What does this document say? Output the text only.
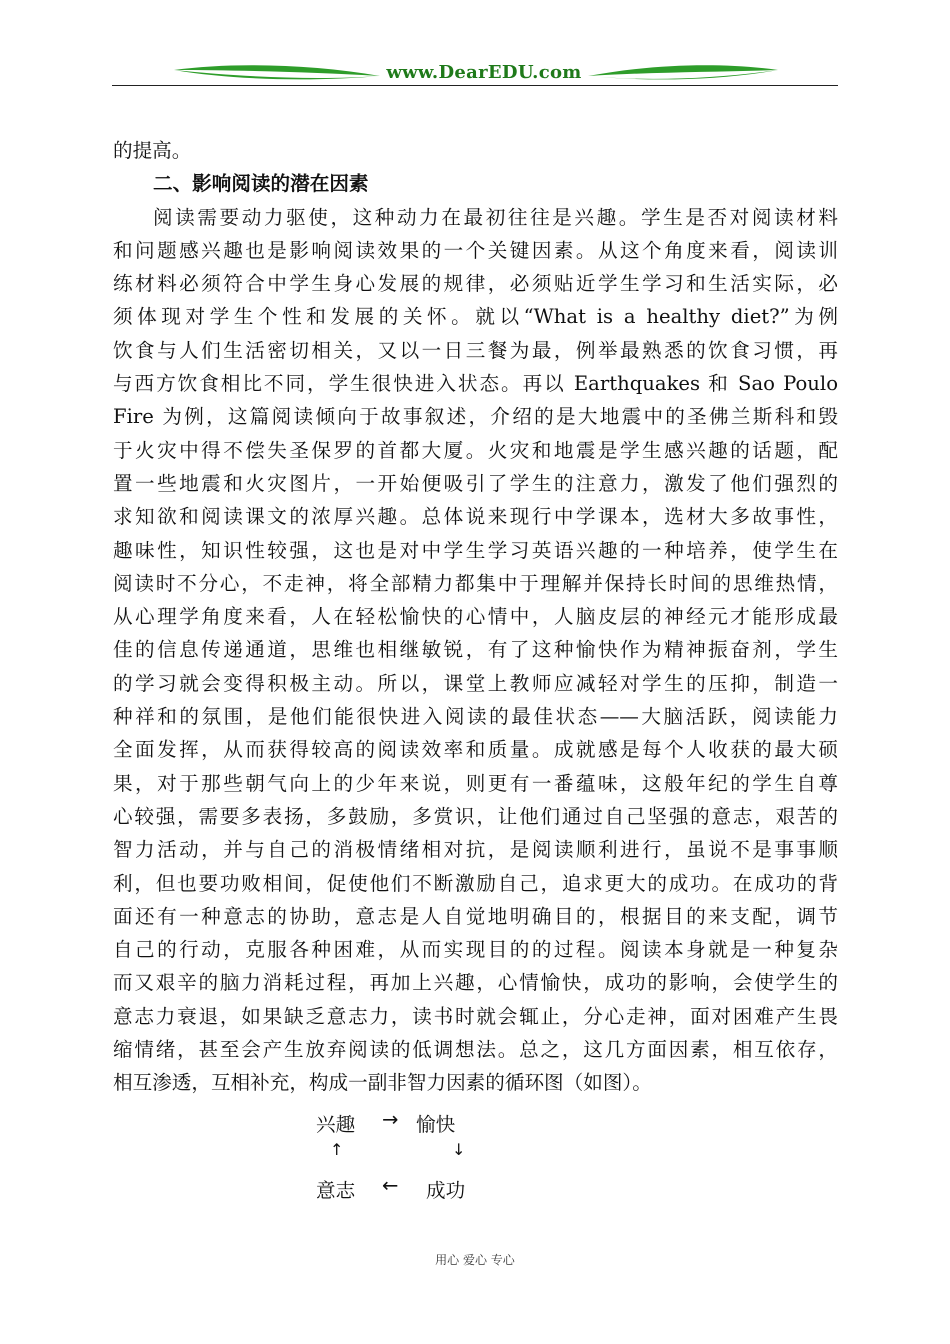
www.DearEDU.com
的提高。
二、影响阅读的潜在因素
阅读需要动力驱使，这种动力在最初往往是兴趣。学生是否对阅读材料
和问题感兴趣也是影响阅读效果的一个关键因素。从这个角度来看，阅读训
练材料必须符合中学生身心发展的规律，必须贴近学生学习和生活实际，必
须体现对学生个性和发展的关怀。就以“What is a healthy diet?”为例
饮食与人们生活密切相关，又以一日三餐为最，例举最熟悉的饮食习惯，再
与西方饮食相比不同，学生很快进入状态。再以 Earthquakes 和 Sao Poulo
Fire 为例，这篇阅读倾向于故事叙述，介绍的是大地震中的圣佛兰斯科和毁
于火灾中得不偿失圣保罗的首都大厦。火灾和地震是学生感兴趣的话题，配
置一些地震和火灾图片，一开始便吸引了学生的注意力，激发了他们强烈的
求知欲和阅读课文的浓厚兴趣。总体说来现行中学课本，选材大多故事性，
趣味性，知识性较强，这也是对中学生学习英语兴趣的一种培养，使学生在
阅读时不分心，不走神，将全部精力都集中于理解并保持长时间的思维热情，
从心理学角度来看，人在轻松愉快的心情中，人脑皮层的神经元才能形成最
佳的信息传递通道，思维也相继敏锐，有了这种愉快作为精神振奋剂，学生
的学习就会变得积极主动。所以，课堂上教师应减轻对学生的压抑，制造一
种祥和的氛围，是他们能很快进入阅读的最佳状态——大脑活跃，阅读能力
全面发挥，从而获得较高的阅读效率和质量。成就感是每个人收获的最大硕
果，对于那些朝气向上的少年来说，则更有一番蕴味，这般年纪的学生自尊
心较强，需要多表扬，多鼓励，多赏识，让他们通过自己坚强的意志，艰苦的
智力活动，并与自己的消极情绪相对抗，是阅读顺利进行，虽说不是事事顺
利，但也要功败相间，促使他们不断激励自己，追求更大的成功。在成功的背
面还有一种意志的协助，意志是人自觉地明确目的，根据目的来支配，调节
自己的行动，克服各种困难，从而实现目的的过程。阅读本身就是一种复杂
而又艰辛的脑力消耗过程，再加上兴趣，心情愉快，成功的影响，会使学生的
意志力衰退，如果缺乏意志力，读书时就会辄止，分心走神，面对困难产生畏
缩情绪，甚至会产生放弃阅读的低调想法。总之，这几方面因素，相互依存，
相互渗透，互相补充，构成一副非智力因素的循环图（如图）。
兴趣 → 愉快
↑	↓
意志 ← 成功
用心 爱心 专心
